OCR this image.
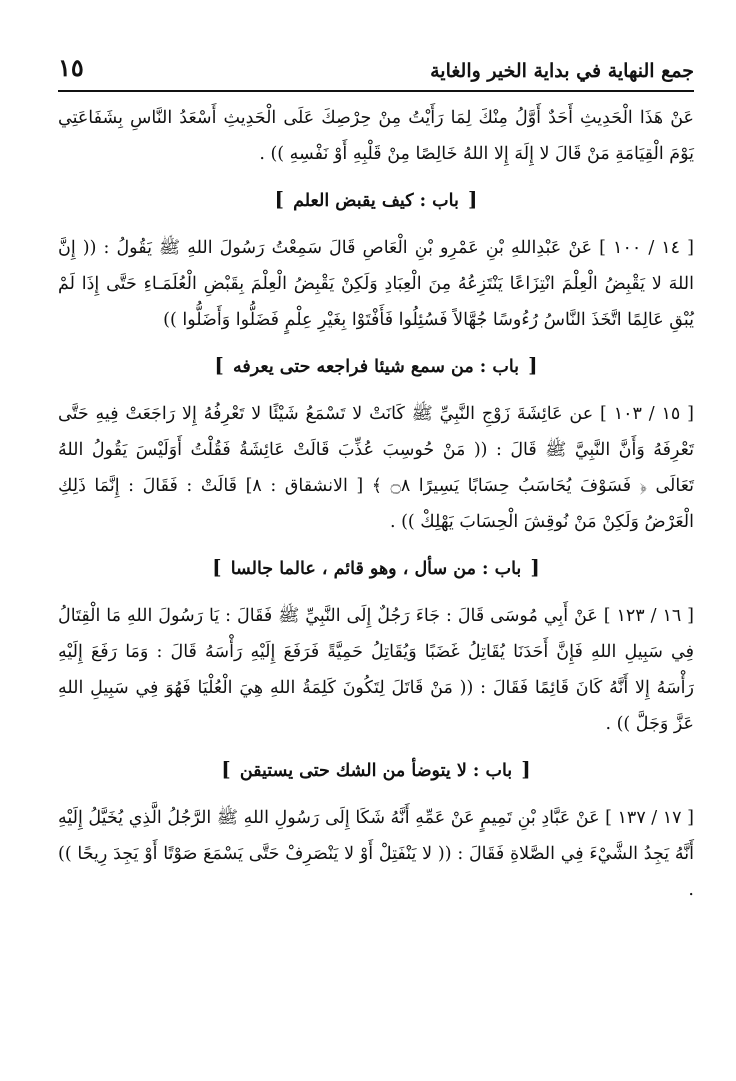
جمع النهاية في بداية الخير والغاية
١٥

عَنْ هَذَا الْحَدِيثِ أَحَدٌ أَوَّلُ مِنْكَ لِمَا رَأَيْتُ مِنْ حِرْصِكَ عَلَى الْحَدِيثِ أَسْعَدُ النَّاسِ بِشَفَاعَتِي يَوْمَ الْقِيَامَةِ مَنْ قَالَ لا إِلَهَ إِلا اللهُ خَالِصًا مِنْ قَلْبِهِ أَوْ نَفْسِهِ )) .

[ باب : كيف يقبض العلم ]

[ ١٤ / ١٠٠ ] عَنْ عَبْدِاللهِ بْنِ عَمْرِو بْنِ الْعَاصِ قَالَ سَمِعْتُ رَسُولَ اللهِ ﷺ يَقُولُ : (( إِنَّ اللهَ لا يَقْبِضُ الْعِلْمَ انْتِزَاعًا يَنْتَزِعُهُ مِنَ الْعِبَادِ وَلَكِنْ يَقْبِضُ الْعِلْمَ بِقَبْضِ الْعُلَمَـاءِ حَتَّى إِذَا لَمْ يُبْقِ عَالِمًا اتَّخَذَ النَّاسُ رُءُوسًا جُهَّالاً فَسُئِلُوا فَأَفْتَوْا بِغَيْرِ عِلْمٍ فَضَلُّوا وَأَضَلُّوا ))

[ باب : من سمع شيئا فراجعه حتى يعرفه ]

[ ١٥ / ١٠٣ ] عن عَائِشَةَ زَوْجِ النَّبِيِّ ﷺ كَانَتْ لا تَسْمَعُ شَيْئًا لا تَعْرِفُهُ إِلا رَاجَعَتْ فِيهِ حَتَّى تَعْرِفَهُ وَأَنَّ النَّبِيَّ ﷺ قَالَ : (( مَنْ حُوسِبَ عُذِّبَ قَالَتْ عَائِشَةُ فَقُلْتُ أَوَلَيْسَ يَقُولُ اللهُ تَعَالَى ﴿ فَسَوْفَ يُحَاسَبُ حِسَابًا يَسِيرًا ۝٨ ﴾ [ الانشقاق : ٨] قَالَتْ : فَقَالَ : إِنَّمَا ذَلِكِ الْعَرْضُ وَلَكِنْ مَنْ نُوقِشَ الْحِسَابَ يَهْلِكْ )) .

[ باب : من سأل ، وهو قائم ، عالما جالسا ]

[ ١٦ / ١٢٣ ] عَنْ أَبِي مُوسَى قَالَ : جَاءَ رَجُلٌ إِلَى النَّبِيِّ ﷺ فَقَالَ : يَا رَسُولَ اللهِ مَا الْقِتَالُ فِي سَبِيلِ اللهِ فَإِنَّ أَحَدَنَا يُقَاتِلُ غَضَبًا وَيُقَاتِلُ حَمِيَّةً فَرَفَعَ إِلَيْهِ رَأْسَهُ قَالَ : وَمَا رَفَعَ إِلَيْهِ رَأْسَهُ إِلا أَنَّهُ كَانَ قَائِمًا فَقَالَ : (( مَنْ قَاتَلَ لِتَكُونَ كَلِمَةُ اللهِ هِيَ الْعُلْيَا فَهُوَ فِي سَبِيلِ اللهِ عَزَّ وَجَلَّ )) .

[ باب : لا يتوضأ من الشك حتى يستيقن ]

[ ١٧ / ١٣٧ ] عَنْ عَبَّادِ بْنِ تَمِيمٍ عَنْ عَمِّهِ أَنَّهُ شَكَا إِلَى رَسُولِ اللهِ ﷺ الرَّجُلُ الَّذِي يُخَيَّلُ إِلَيْهِ أَنَّهُ يَجِدُ الشَّيْءَ فِي الصَّلاةِ فَقَالَ : (( لا يَنْفَتِلْ أَوْ لا يَنْصَرِفْ حَتَّى يَسْمَعَ صَوْتًا أَوْ يَجِدَ رِيحًا )) .
